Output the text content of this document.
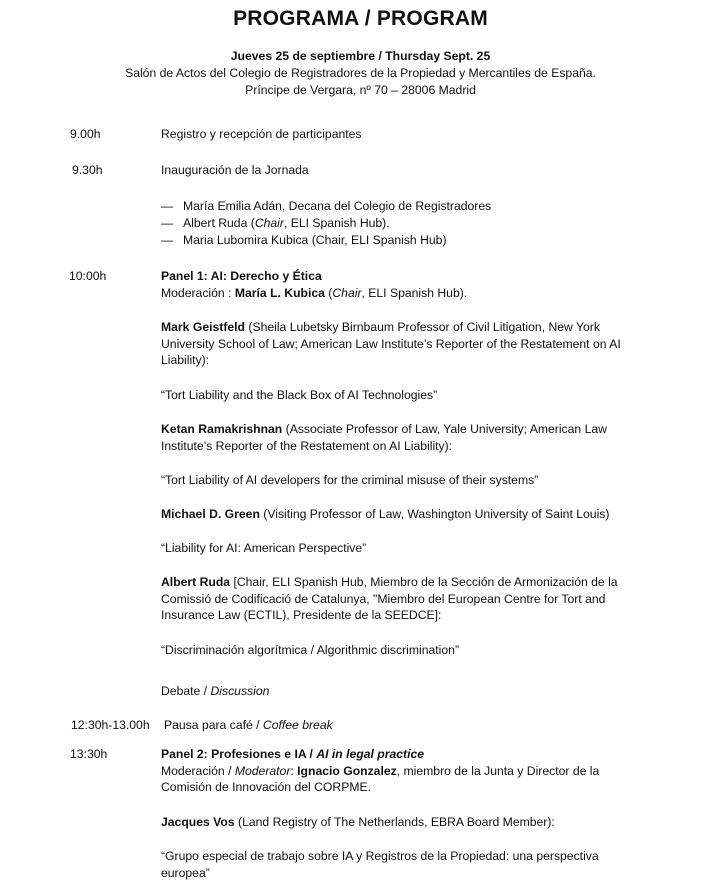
PROGRAMA / PROGRAM
Jueves 25 de septiembre / Thursday Sept. 25
Salón de Actos del Colegio de Registradores de la Propiedad y Mercantiles de España.
Príncipe de Vergara, nº 70 – 28006 Madrid
9.00h	Registro y recepción de participantes
9.30h	Inauguración de la Jornada
— María Emilia Adán, Decana del Colegio de Registradores
— Albert Ruda (Chair, ELI Spanish Hub).
— Maria Lubomira Kubica (Chair, ELI Spanish Hub)
10:00h	Panel 1: AI: Derecho y Ética
Moderación : María L. Kubica (Chair, ELI Spanish Hub).
Mark Geistfeld (Sheila Lubetsky Birnbaum Professor of Civil Litigation, New York University School of Law; American Law Institute’s Reporter of the Restatement on AI Liability):
“Tort Liability and the Black Box of AI Technologies”
Ketan Ramakrishnan (Associate Professor of Law, Yale University; American Law Institute’s Reporter of the Restatement on AI Liability):
“Tort Liability of AI developers for the criminal misuse of their systems”
Michael D. Green (Visiting Professor of Law, Washington University of Saint Louis)
“Liability for AI: American Perspective”
Albert Ruda [Chair, ELI Spanish Hub, Miembro de la Sección de Armonización de la Comissió de Codificació de Catalunya, "Miembro del European Centre for Tort and Insurance Law (ECTIL), Presidente de la SEEDCE]:
“Discriminación algorítmica / Algorithmic discrimination”
Debate / Discussion
12:30h-13.00h Pausa para café / Coffee break
13:30h	Panel 2: Profesiones e IA / AI in legal practice
Moderación / Moderator: Ignacio Gonzalez, miembro de la Junta y Director de la Comisión de Innovación del CORPME.
Jacques Vos (Land Registry of The Netherlands, EBRA Board Member):
“Grupo especial de trabajo sobre IA y Registros de la Propiedad: una perspectiva europea”
